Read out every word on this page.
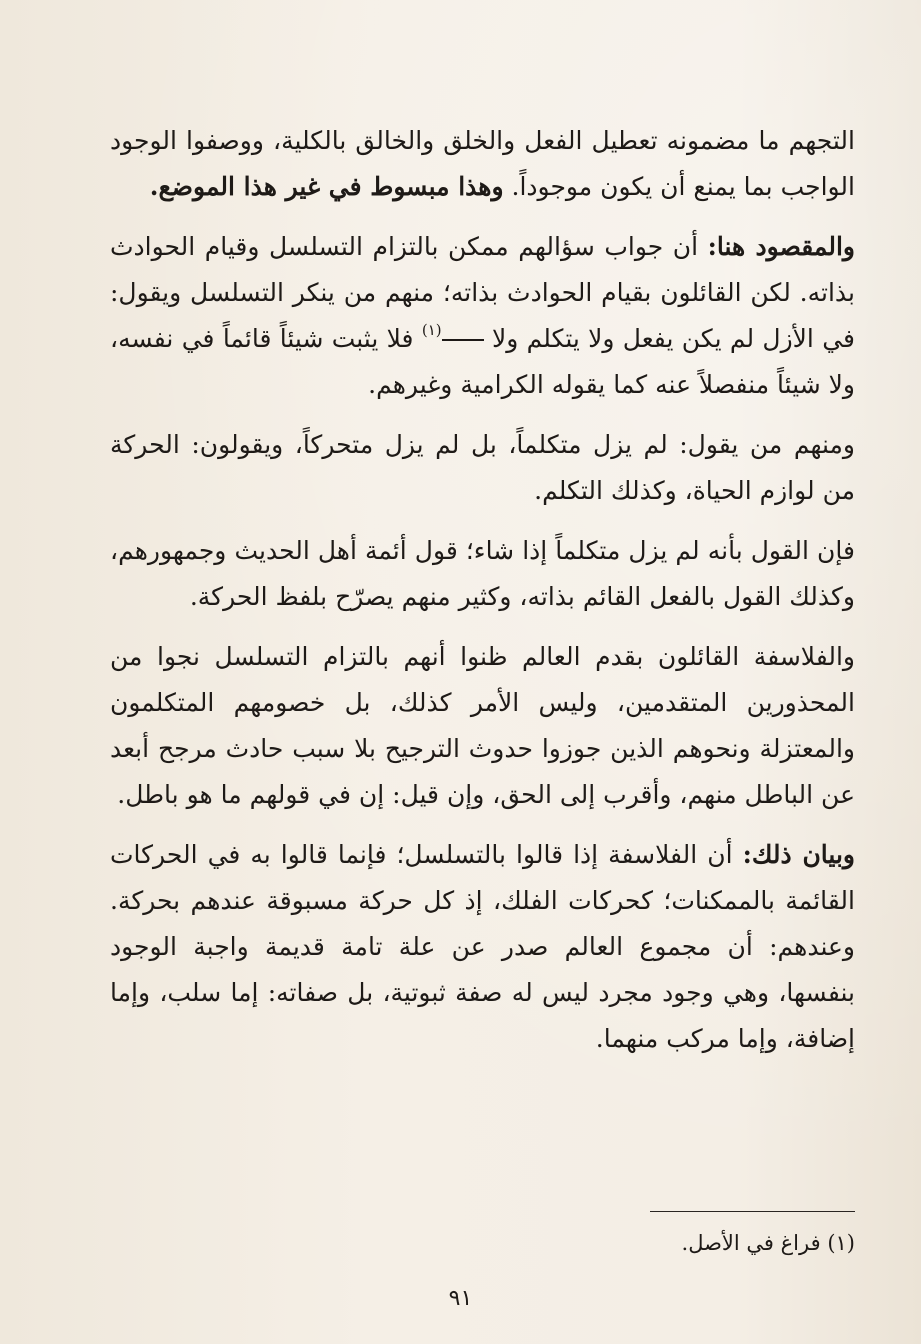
التجهم ما مضمونه تعطيل الفعل والخلق والخالق بالكلية، ووصفوا الوجود الواجب بما يمنع أن يكون موجوداً. وهذا مبسوط في غير هذا الموضع.

والمقصود هنا: أن جواب سؤالهم ممكن بالتزام التسلسل وقيام الحوادث بذاته. لكن القائلون بقيام الحوادث بذاته؛ منهم من ينكر التسلسل ويقول: في الأزل لم يكن يفعل ولا يتكلم ولا $^{(١)}$ فلا يثبت شيئاً قائماً في نفسه، ولا شيئاً منفصلاً عنه كما يقوله الكرامية وغيرهم.

ومنهم من يقول: لم يزل متكلماً، بل لم يزل متحركاً، ويقولون: الحركة من لوازم الحياة، وكذلك التكلم.

فإن القول بأنه لم يزل متكلماً إذا شاء؛ قول أئمة أهل الحديث وجمهورهم، وكذلك القول بالفعل القائم بذاته، وكثير منهم يصرّح بلفظ الحركة.

والفلاسفة القائلون بقدم العالم ظنوا أنهم بالتزام التسلسل نجوا من المحذورين المتقدمين، وليس الأمر كذلك، بل خصومهم المتكلمون والمعتزلة ونحوهم الذين جوزوا حدوث الترجيح بلا سبب حادث مرجح أبعد عن الباطل منهم، وأقرب إلى الحق، وإن قيل: إن في قولهم ما هو باطل.

وبيان ذلك: أن الفلاسفة إذا قالوا بالتسلسل؛ فإنما قالوا به في الحركات القائمة بالممكنات؛ كحركات الفلك، إذ كل حركة مسبوقة عندهم بحركة. وعندهم: أن مجموع العالم صدر عن علة تامة قديمة واجبة الوجود بنفسها، وهي وجود مجرد ليس له صفة ثبوتية، بل صفاته: إما سلب، وإما إضافة، وإما مركب منهما.

(١) فراغ في الأصل.
٩١
